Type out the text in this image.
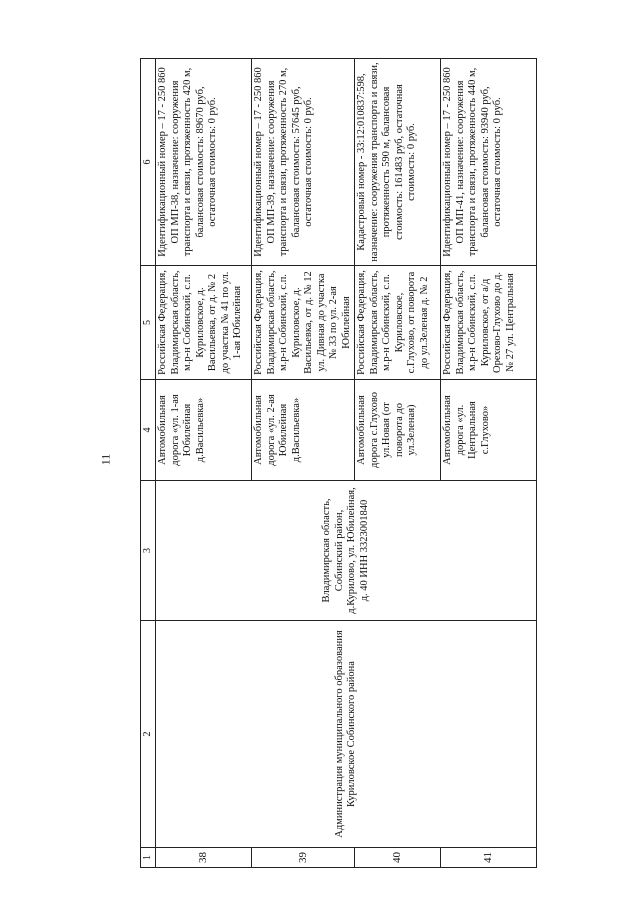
11
1	2	3	4	5	6
38	Администрация муниципального образования Куриловское Собинского района	Владимирская область, Собинский район, д.Курилово, ул. Юбилейная, д. 40 ИНН 3323001840	Автомобильная дорога «ул. 1-ая Юбилейная д.Васильевка»	Российская Федерация, Владимирская область, м.р-н Собинский, с.п. Куриловское, д. Васильевка, от д. № 2 до участка № 41 по ул. 1-ая Юбилейная	Идентификационный номер – 17 - 250 860 ОП МП-38, назначение: сооружения транспорта и связи, протяженность 420 м, балансовая стоимость: 89670 руб, остаточная стоимость: 0 руб.
39			Автомобильная дорога «ул. 2-ая Юбилейная д.Васильевка»	Российская Федерация, Владимирская область, м.р-н Собинский, с.п. Куриловское, д. Васильевка, от д. № 12 ул. Дивная до участка № 33 по ул. 2-ая Юбилейная	Идентификационный номер – 17 - 250 860 ОП МП-39, назначение: сооружения транспорта и связи, протяженность 270 м, балансовая стоимость: 57645 руб, остаточная стоимость: 0 руб.
40			Автомобильная дорога с.Глухово ул.Новая (от поворота до ул.Зеленая)	Российская Федерация, Владимирская область, м.р-н Собинский, с.п. Куриловское, с.Глухово, от поворота до ул.Зеленая д. № 2	Кадастровый номер - 33:12:010837:598, назначение: сооружения транспорта и связи, протяженность 590 м, балансовая стоимость: 161483 руб, остаточная стоимость: 0 руб.
41			Автомобильная дорога «ул. Центральная с.Глухово»	Российская Федерация, Владимирская область, м.р-н Собинский, с.п. Куриловское, от а/д Орехово-Глухово до д. № 27 ул. Центральная	Идентификационный номер – 17 - 250 860 ОП МП-41, назначение: сооружения транспорта и связи, протяженность 440 м, балансовая стоимость: 93940 руб, остаточная стоимость: 0 руб.
